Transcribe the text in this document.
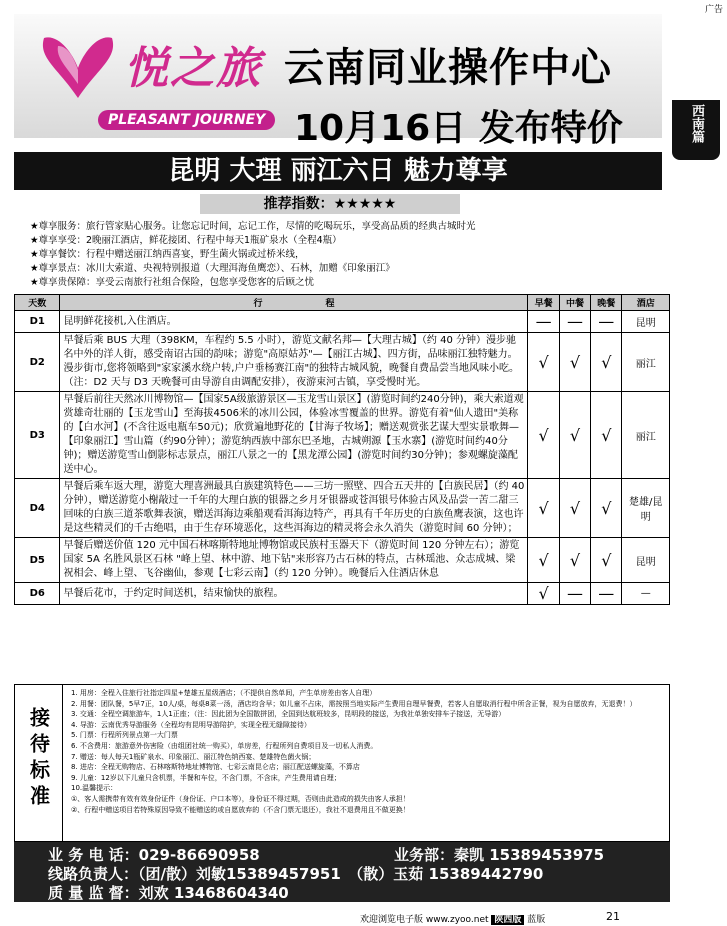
广告
悦之旅
PLEASANT JOURNEY
云南同业操作中心
10月16日 发布特价	西南篇
昆明 大理 丽江六日 魅力尊享
推荐指数：★★★★★
★尊享服务：旅行管家贴心服务。让您忘记时间，忘记工作，尽情的吃喝玩乐，享受高品质的经典古城时光
★尊享享受：2晚丽江酒店，鲜花接团、行程中每天1瓶矿泉水（全程4瓶）
★尊享餐饮：行程中赠送丽江纳西喜宴，野生菌火锅或过桥米线，
★尊享景点：冰川大索道、央视特别报道（大理洱海鱼鹰恋）、石林，加赠《印象丽江》
★尊享贵保障：享受云南旅行社组合保险，包您享受您客的后顾之忧
天数	行　　　　　　　程	早餐	中餐	晚餐	酒店
D1	昆明鲜花接机,入住酒店。	—	—	—	昆明
D2	早餐后乘 BUS 大理（398KM，车程约 5.5 小时），游览文献名邦—【大理古城】（约 40 分钟）漫步驰名中外的洋人街，感受南诏古国的韵味；游览"高原姑苏"—【丽江古城】、四方街，品味丽江独特魅力。漫步街市,您将领略到"家家溪水绕户转,户户垂杨赛江南"的独特古城风貌，晚餐自费品尝当地风味小吃。（注：D2 天与 D3 天晚餐可由导游自由调配安排），夜游束河古镇，享受慢时光。	√	√	√	丽江
D3	早餐后前往天然冰川博物馆—【国家5A级旅游景区—玉龙雪山景区】(游览时间约240分钟)，乘大索道观赏雄奇壮丽的【玉龙雪山】至海拔4506米的冰川公园，体验冰雪覆盖的世界。游览有着"仙人遗田"美称的【白水河】(不含往返电瓶车50元)；欣赏遍地野花的【甘海子牧场】；赠送观赏张艺谋大型实景歌舞—【印象丽江】雪山篇（约90分钟）；游览纳西族中部东巴圣地，古城朔源【玉水寨】(游览时间约40分钟)；赠送游览雪山倒影标志景点，丽江八景之一的【黑龙潭公园】(游览时间约30分钟)；参观螺旋藻配送中心。	√	√	√	丽江
D4	早餐后乘车返大理，游览大理喜洲最具白族建筑特色——三坊一照壁、四合五天井的【白族民居】（约 40 分钟），赠送游览小榭敲过一千年的大理白族的银器之乡月牙银器或苍洱银号体验古风及品尝一苦二甜三回味的白族三道茶歌舞表演，赠送洱海边乘船观看洱海边特产，再具有千年历史的白族鱼鹰表演，这也许是这些精灵们的千古绝唱，由于生存环境恶化，这些洱海边的精灵将会永久消失（游览时间 60 分钟）；	√	√	√	楚雄/昆明
D5	早餐后赠送价值 120 元中国石林喀斯特地址博物馆或民族村玉器天下（游览时间 120 分钟左右）；游览国家 5A 名胜风景区石林 "峰上望、林中游、地下钻"来形容乃古石林的特点，古林瑶池、众志成城、梁祝相会、峰上望、飞谷幽仙，参观【七彩云南】（约 120 分钟）。晚餐后入住酒店休息	√	√	√	昆明
D6	早餐后花市，于约定时间送机，结束愉快的旅程。	√	—	—	—
接待标准
1. 用房：全程入住旅行社指定四星+楚雄五星级酒店；（不提供自然单间，产生单房差由客人自理）
2. 用餐：团队餐，5早7正，10人/桌，每桌8菜一汤，酒店均含早；如儿童不占床，需按照当地实际产生费用自理早餐费，若客人自愿取消行程中所含正餐，视为自愿放弃，无退费！）
3. 交通：全程空调旅游车，1人1正座；（注：因此团为全国散拼团，全国到达航班较多，昆明段的接送，为我社单独安排车子接送，无导游）
4. 导游：云南优秀导游服务（全程均有昆明导游陪护，实现全程无缝隙接待）
5. 门票：行程所列景点第一大门票
6. 不含费用：旅游意外伤害险（由组团社统一购买），单房差，行程所列自费项目及一切私人消费。
7. 赠送：每人每天1瓶矿泉水、印象丽江、丽江特色纳西宴、楚雄特色菌火锅；
8. 进店：全程无购物店、石林喀斯特地址博物馆、七彩云南昆仑店；丽江配送螺旋藻，不算店
9. 儿童：12岁以下儿童只含机票，半餐和车位，不含门票，不含床，产生费用请自理；
10.温馨提示：
①、客人需携带有效有效身份证件（身份证、户口本等），身份证不得过期，否则由此造成的损失由客人承担！
②、行程中赠送项目若特殊原因导致不能赠送的或自愿放弃的（不含门票无退还），我社不退费用且不做更换！
业 务 电 话：029-86690958	业务部：秦凯 15389453975
线路负责人：（团/散）刘敏15389457951　（散）玉茹 15389442790
质 量 监 督：刘欢 13468604340
欢迎浏览电子版 www.zyoo.net 陕西版 蓝版	21
